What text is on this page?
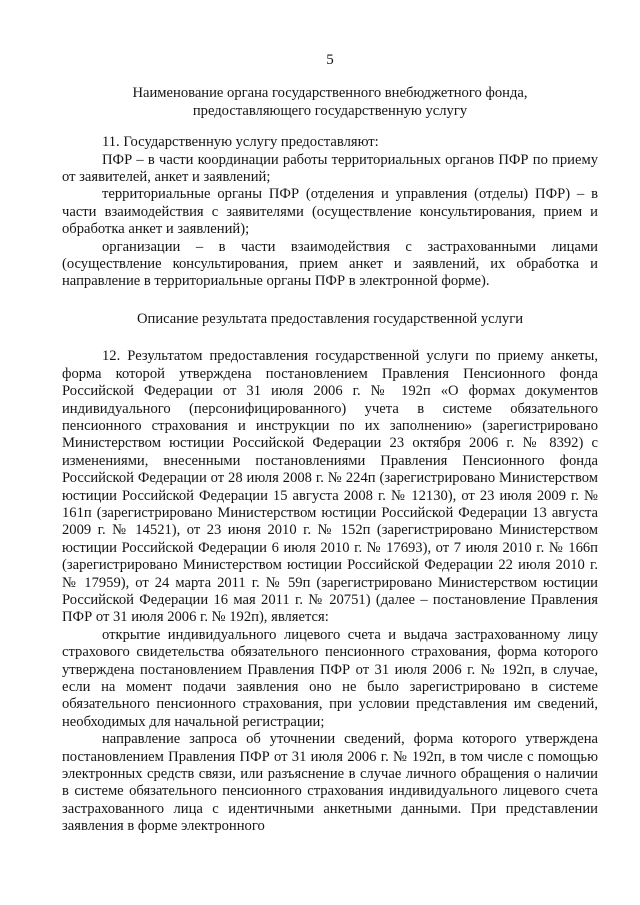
5
Наименование органа государственного внебюджетного фонда,
предоставляющего государственную услугу

11. Государственную услугу предоставляют:

ПФР – в части координации работы территориальных органов ПФР по приему от заявителей, анкет и заявлений;

территориальные органы ПФР (отделения и управления (отделы) ПФР) – в части взаимодействия с заявителями (осуществление консультирования, прием и обработка анкет и заявлений);

организации – в части взаимодействия с застрахованными лицами (осуществление консультирования, прием анкет и заявлений, их обработка и направление в территориальные органы ПФР в электронной форме).

Описание результата предоставления государственной услуги

12. Результатом предоставления государственной услуги по приему анкеты, форма которой утверждена постановлением Правления Пенсионного фонда Российской Федерации от 31 июля 2006 г. № 192п «О формах документов индивидуального (персонифицированного) учета в системе обязательного пенсионного страхования и инструкции по их заполнению» (зарегистрировано Министерством юстиции Российской Федерации 23 октября 2006 г. № 8392) с изменениями, внесенными постановлениями Правления Пенсионного фонда Российской Федерации от 28 июля 2008 г. № 224п (зарегистрировано Министерством юстиции Российской Федерации 15 августа 2008 г. № 12130), от 23 июля 2009 г. № 161п (зарегистрировано Министерством юстиции Российской Федерации 13 августа 2009 г. № 14521), от 23 июня 2010 г. № 152п (зарегистрировано Министерством юстиции Российской Федерации 6 июля 2010 г. № 17693), от 7 июля 2010 г. № 166п (зарегистрировано Министерством юстиции Российской Федерации 22 июля 2010 г. № 17959), от 24 марта 2011 г. № 59п (зарегистрировано Министерством юстиции Российской Федерации 16 мая 2011 г. № 20751) (далее – постановление Правления ПФР от 31 июля 2006 г. № 192п), является:

открытие индивидуального лицевого счета и выдача застрахованному лицу страхового свидетельства обязательного пенсионного страхования, форма которого утверждена постановлением Правления ПФР от 31 июля 2006 г. № 192п, в случае, если на момент подачи заявления оно не было зарегистрировано в системе обязательного пенсионного страхования, при условии представления им сведений, необходимых для начальной регистрации;

направление запроса об уточнении сведений, форма которого утверждена постановлением Правления ПФР от 31 июля 2006 г. № 192п, в том числе с помощью электронных средств связи, или разъяснение в случае личного обращения о наличии в системе обязательного пенсионного страхования индивидуального лицевого счета застрахованного лица с идентичными анкетными данными. При представлении заявления в форме электронного
